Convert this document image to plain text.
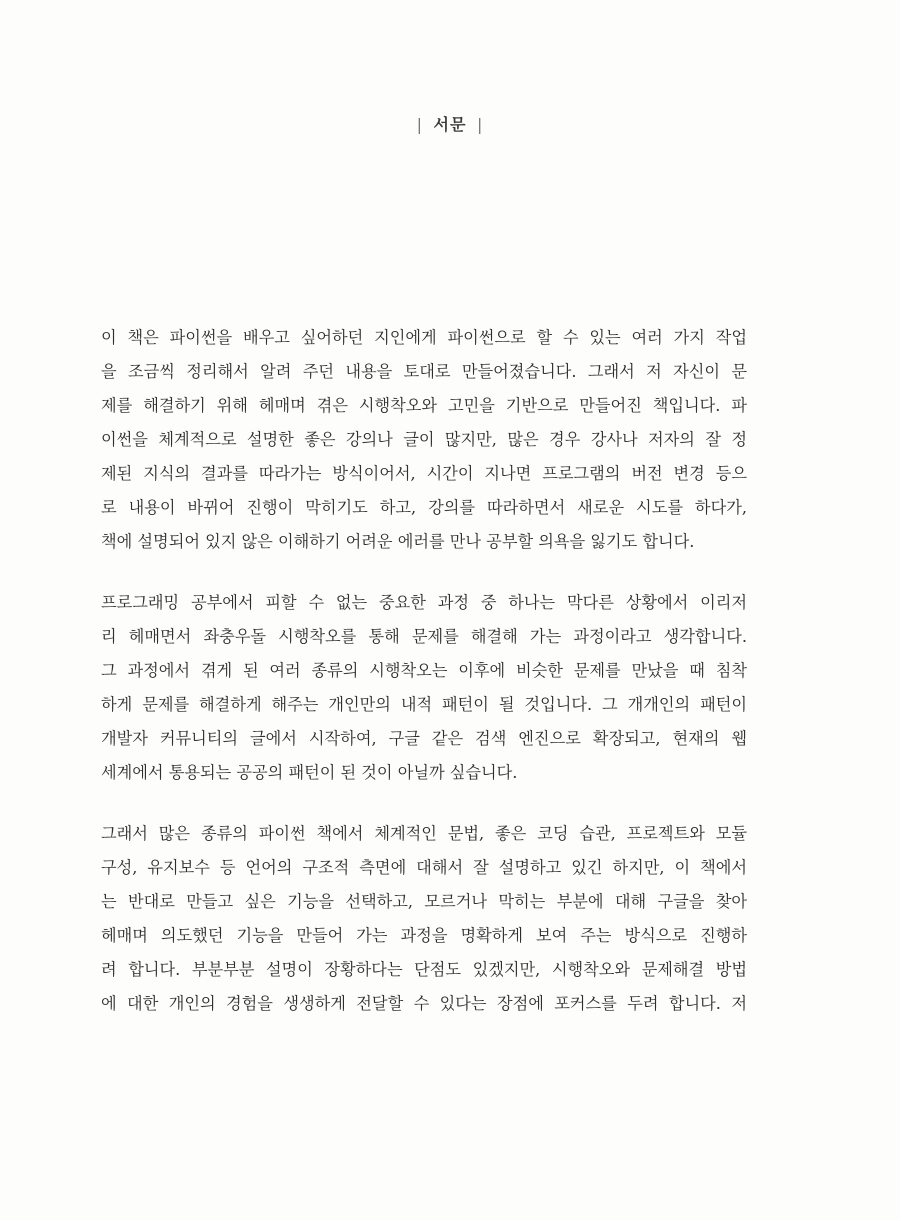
| 서문 |
이 책은 파이썬을 배우고 싶어하던 지인에게 파이썬으로 할 수 있는 여러 가지 작업
을 조금씩 정리해서 알려 주던 내용을 토대로 만들어졌습니다. 그래서 저 자신이 문
제를 해결하기 위해 헤매며 겪은 시행착오와 고민을 기반으로 만들어진 책입니다. 파
이썬을 체계적으로 설명한 좋은 강의나 글이 많지만, 많은 경우 강사나 저자의 잘 정
제된 지식의 결과를 따라가는 방식이어서, 시간이 지나면 프로그램의 버전 변경 등으
로 내용이 바뀌어 진행이 막히기도 하고, 강의를 따라하면서 새로운 시도를 하다가,
책에 설명되어 있지 않은 이해하기 어려운 에러를 만나 공부할 의욕을 잃기도 합니다.
프로그래밍 공부에서 피할 수 없는 중요한 과정 중 하나는 막다른 상황에서 이리저
리 헤매면서 좌충우돌 시행착오를 통해 문제를 해결해 가는 과정이라고 생각합니다.
그 과정에서 겪게 된 여러 종류의 시행착오는 이후에 비슷한 문제를 만났을 때 침착
하게 문제를 해결하게 해주는 개인만의 내적 패턴이 될 것입니다. 그 개개인의 패턴이
개발자 커뮤니티의 글에서 시작하여, 구글 같은 검색 엔진으로 확장되고, 현재의 웹
세계에서 통용되는 공공의 패턴이 된 것이 아닐까 싶습니다.
그래서 많은 종류의 파이썬 책에서 체계적인 문법, 좋은 코딩 습관, 프로젝트와 모듈
구성, 유지보수 등 언어의 구조적 측면에 대해서 잘 설명하고 있긴 하지만, 이 책에서
는 반대로 만들고 싶은 기능을 선택하고, 모르거나 막히는 부분에 대해 구글을 찾아
헤매며 의도했던 기능을 만들어 가는 과정을 명확하게 보여 주는 방식으로 진행하
려 합니다. 부분부분 설명이 장황하다는 단점도 있겠지만, 시행착오와 문제해결 방법
에 대한 개인의 경험을 생생하게 전달할 수 있다는 장점에 포커스를 두려 합니다. 저
